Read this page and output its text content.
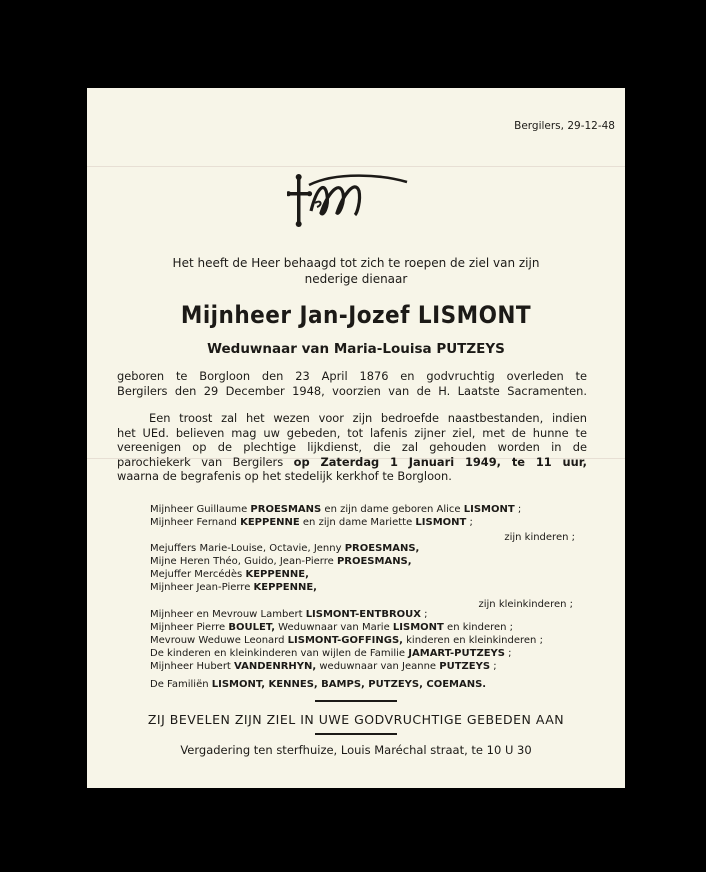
Bergilers, 29-12-48
Het heeft de Heer behaagd tot zich te roepen de ziel van zijn
nederige dienaar
Mijnheer Jan-Jozef LISMONT
Weduwnaar van Maria-Louisa PUTZEYS
geboren te Borgloon den 23 April 1876 en godvruchtig overleden te
Bergilers den 29 December 1948, voorzien van de H. Laatste Sacramenten.
Een troost zal het wezen voor zijn bedroefde naastbestanden, indien
het UEd. believen mag uw gebeden, tot lafenis zijner ziel, met de hunne te
vereenigen op de plechtige lijkdienst, die zal gehouden worden in de
parochiekerk van Bergilers op Zaterdag 1 Januari 1949, te 11 uur,
waarna de begrafenis op het stedelijk kerkhof te Borgloon.
Mijnheer Guillaume PROESMANS en zijn dame geboren Alice LISMONT ;
Mijnheer Fernand KEPPENNE en zijn dame Mariette LISMONT ;
zijn kinderen ;
Mejuffers Marie-Louise, Octavie, Jenny PROESMANS,
Mijne Heren Théo, Guido, Jean-Pierre PROESMANS,
Mejuffer Mercédès KEPPENNE,
Mijnheer Jean-Pierre KEPPENNE,
zijn kleinkinderen ;
Mijnheer en Mevrouw Lambert LISMONT-ENTBROUX ;
Mijnheer Pierre BOULET, Weduwnaar van Marie LISMONT en kinderen ;
Mevrouw Weduwe Leonard LISMONT-GOFFINGS, kinderen en kleinkinderen ;
De kinderen en kleinkinderen van wijlen de Familie JAMART-PUTZEYS ;
Mijnheer Hubert VANDENRHYN, weduwnaar van Jeanne PUTZEYS ;
De Familiën LISMONT, KENNES, BAMPS, PUTZEYS, COEMANS.
ZIJ BEVELEN ZIJN ZIEL IN UWE GODVRUCHTIGE GEBEDEN AAN
Vergadering ten sterfhuize, Louis Maréchal straat, te 10 U 30
